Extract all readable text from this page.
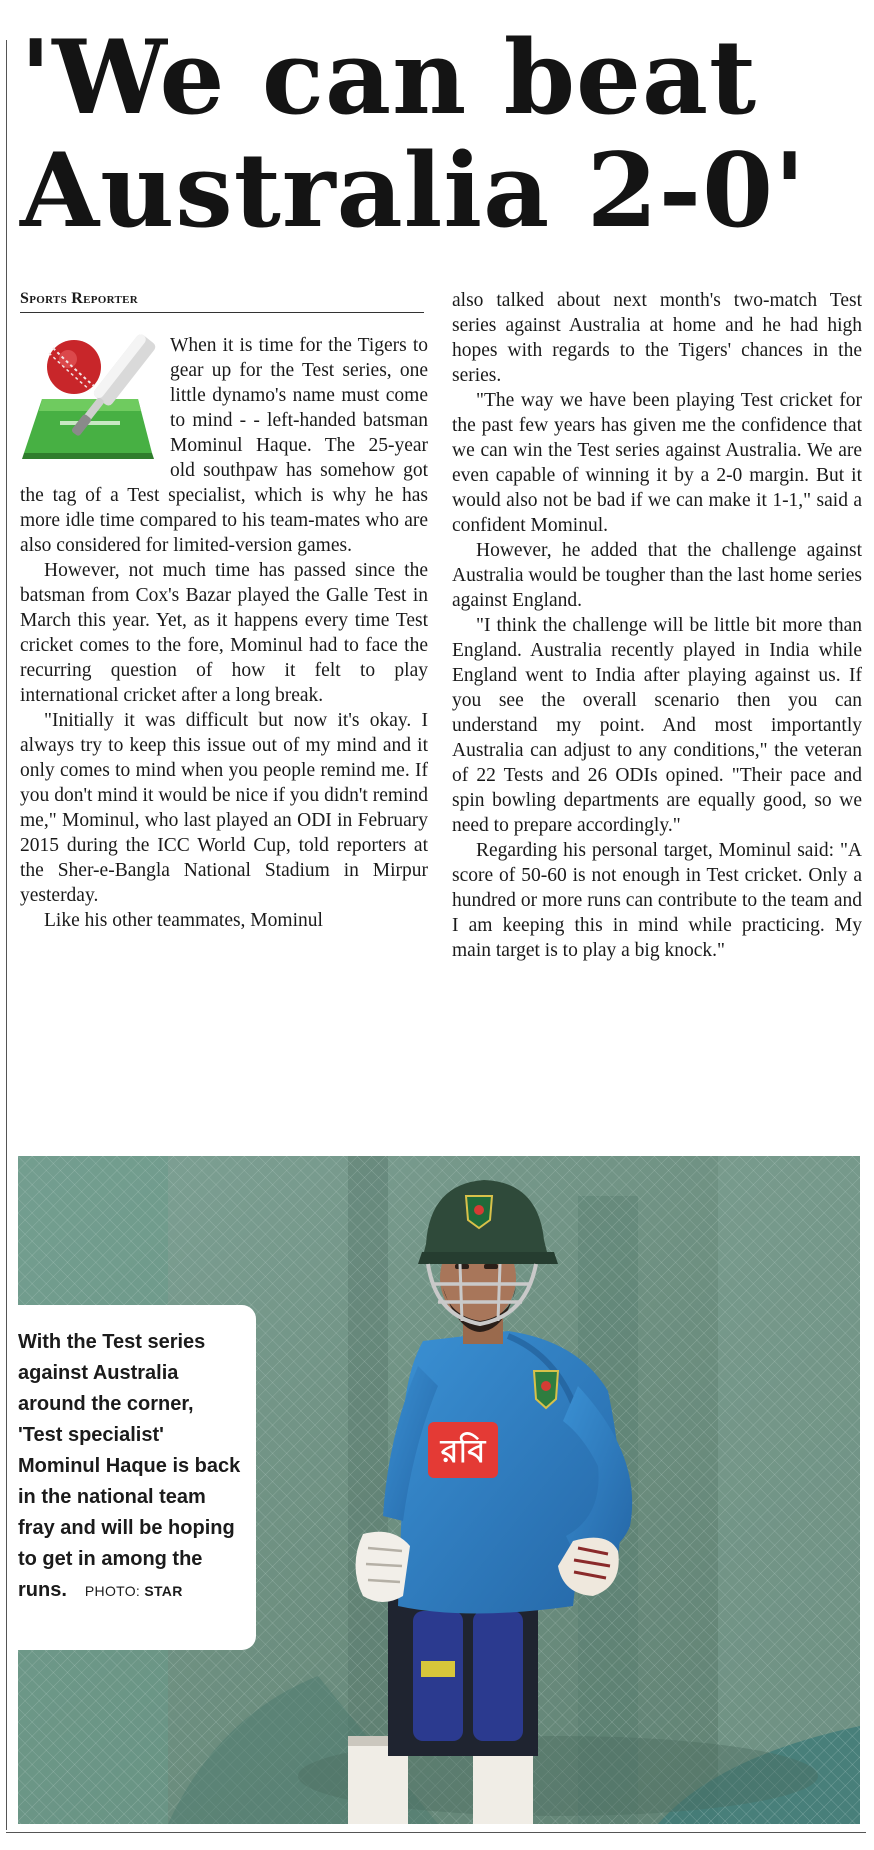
'We can beat Australia 2-0'
Sports Reporter

When it is time for the Tigers to gear up for the Test series, one little dynamo's name must come to mind - - left-handed batsman Mominul Haque. The 25-year old southpaw has somehow got the tag of a Test specialist, which is why he has more idle time compared to his team-mates who are also considered for limited-version games.

However, not much time has passed since the batsman from Cox's Bazar played the Galle Test in March this year. Yet, as it happens every time Test cricket comes to the fore, Mominul had to face the recurring question of how it felt to play international cricket after a long break.

"Initially it was difficult but now it's okay. I always try to keep this issue out of my mind and it only comes to mind when you people remind me. If you don't mind it would be nice if you didn't remind me," Mominul, who last played an ODI in February 2015 during the ICC World Cup, told reporters at the Sher-e-Bangla National Stadium in Mirpur yesterday.

Like his other teammates, Mominul

also talked about next month's two-match Test series against Australia at home and he had high hopes with regards to the Tigers' chances in the series.

"The way we have been playing Test cricket for the past few years has given me the confidence that we can win the Test series against Australia. We are even capable of winning it by a 2-0 margin. But it would also not be bad if we can make it 1-1," said a confident Mominul.

However, he added that the challenge against Australia would be tougher than the last home series against England.

"I think the challenge will be little bit more than England. Australia recently played in India while England went to India after playing against us. If you see the overall scenario then you can understand my point. And most importantly Australia can adjust to any conditions," the veteran of 22 Tests and 26 ODIs opined. "Their pace and spin bowling departments are equally good, so we need to prepare accordingly."

Regarding his personal target, Mominul said: "A score of 50-60 is not enough in Test cricket. Only a hundred or more runs can contribute to the team and I am keeping this in mind while practicing. My main target is to play a big knock."

রবি

With the Test series against Australia around the corner, 'Test specialist' Mominul Haque is back in the national team fray and will be hoping to get in among the runs. PHOTO: STAR
